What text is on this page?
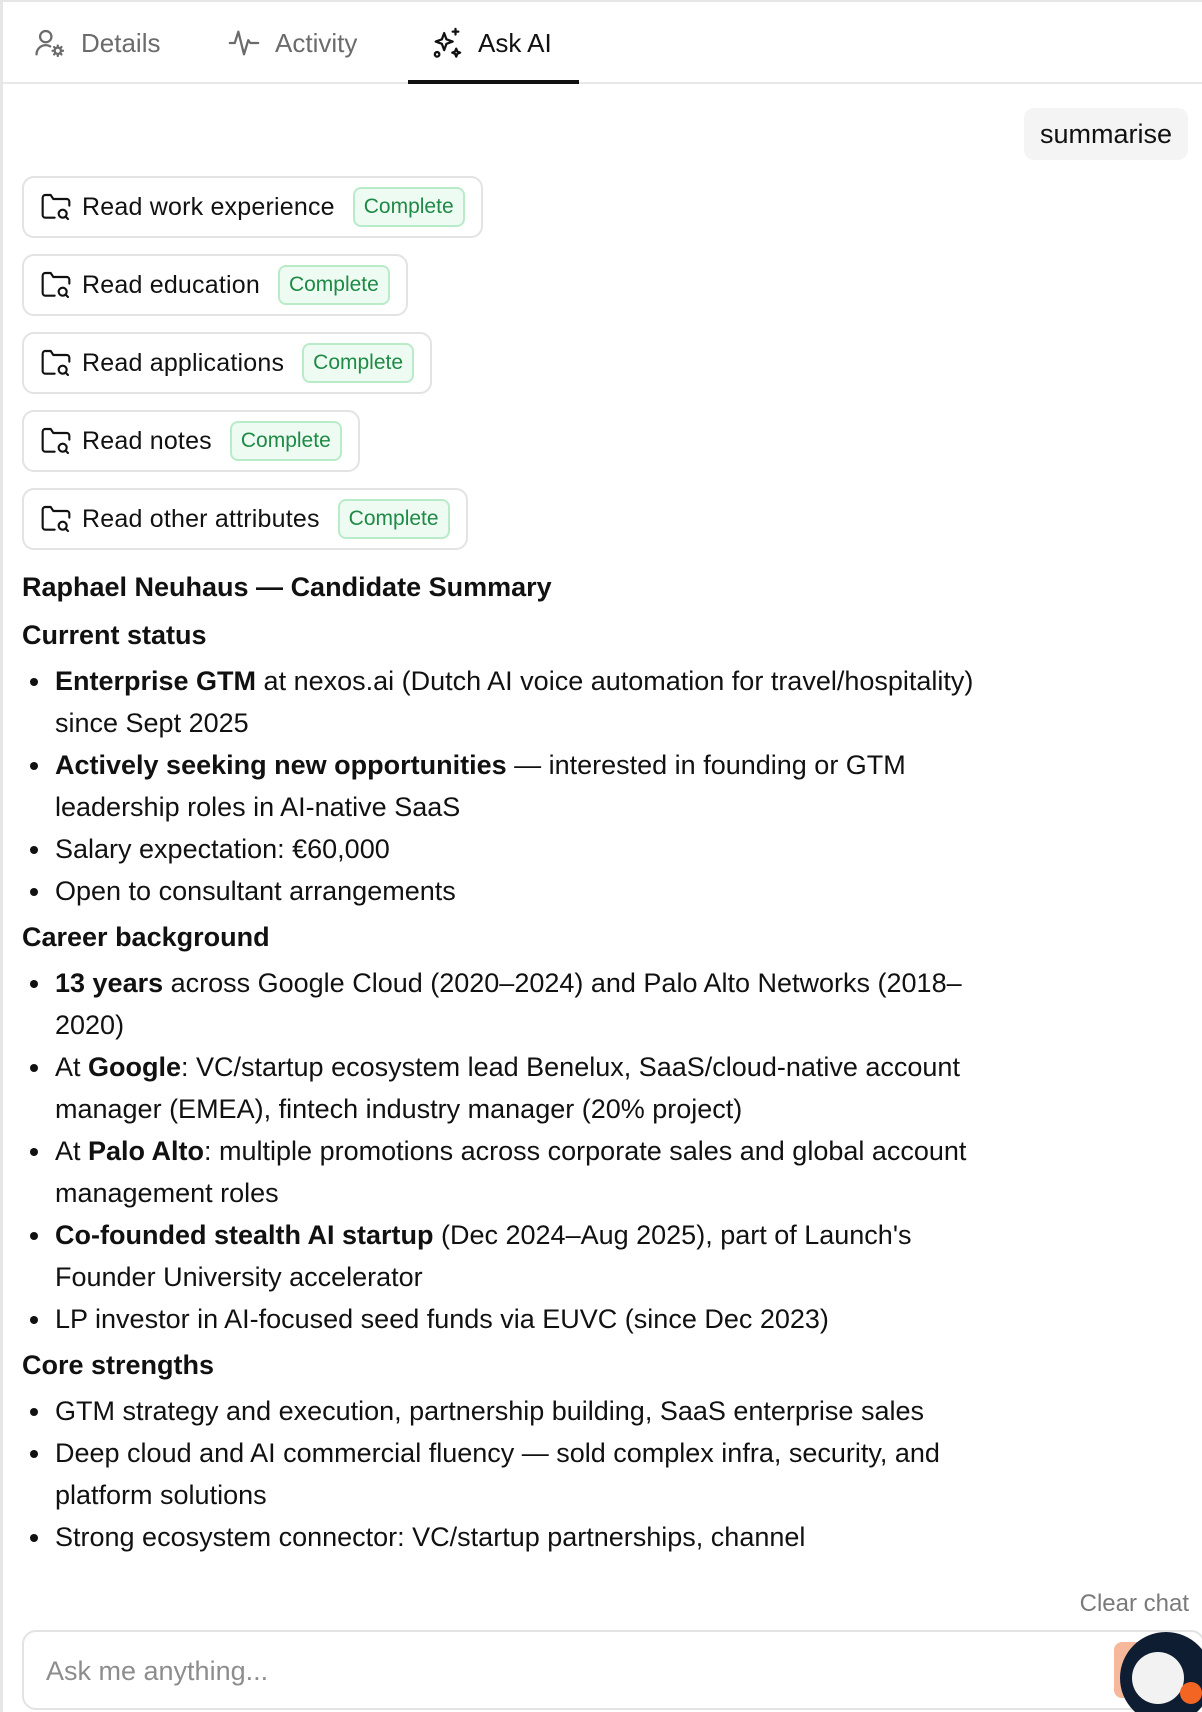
Details	Activity	Ask AI
summarise
Read work experience	Complete
Read education	Complete
Read applications	Complete
Read notes	Complete
Read other attributes	Complete
Raphael Neuhaus — Candidate Summary
Current status
Enterprise GTM at nexos.ai (Dutch AI voice automation for travel/hospitality) since Sept 2025
Actively seeking new opportunities — interested in founding or GTM leadership roles in AI-native SaaS
Salary expectation: €60,000
Open to consultant arrangements
Career background
13 years across Google Cloud (2020–2024) and Palo Alto Networks (2018–2020)
At Google: VC/startup ecosystem lead Benelux, SaaS/cloud-native account manager (EMEA), fintech industry manager (20% project)
At Palo Alto: multiple promotions across corporate sales and global account management roles
Co-founded stealth AI startup (Dec 2024–Aug 2025), part of Launch's Founder University accelerator
LP investor in AI-focused seed funds via EUVC (since Dec 2023)
Core strengths
GTM strategy and execution, partnership building, SaaS enterprise sales
Deep cloud and AI commercial fluency — sold complex infra, security, and platform solutions
Strong ecosystem connector: VC/startup partnerships, channel
Clear chat
Ask me anything...
